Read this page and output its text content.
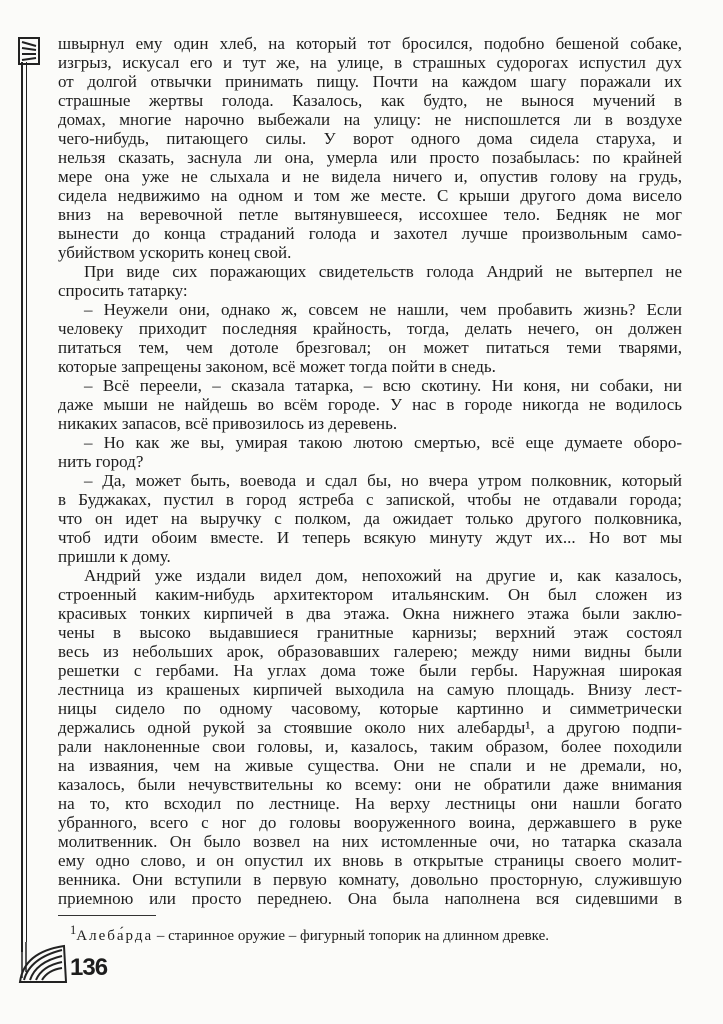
швырнул ему один хлеб, на который тот бросился, подобно бешеной собаке,
изгрыз, искусал его и тут же, на улице, в страшных судорогах испустил дух
от долгой отвычки принимать пищу. Почти на каждом шагу поражали их
страшные жертвы голода. Казалось, как будто, не вынося мучений в
домах, многие нарочно выбежали на улицу: не ниспошлется ли в воздухе
чего-нибудь, питающего силы. У ворот одного дома сидела старуха, и
нельзя сказать, заснула ли она, умерла или просто позабылась: по крайней
мере она уже не слыхала и не видела ничего и, опустив голову на грудь,
сидела недвижимо на одном и том же месте. С крыши другого дома висело
вниз на веревочной петле вытянувшееся, иссохшее тело. Бедняк не мог
вынести до конца страданий голода и захотел лучше произвольным само-
убийством ускорить конец свой.
При виде сих поражающих свидетельств голода Андрий не вытерпел не
спросить татарку:
– Неужели они, однако ж, совсем не нашли, чем пробавить жизнь? Если
человеку приходит последняя крайность, тогда, делать нечего, он должен
питаться тем, чем дотоле брезговал; он может питаться теми тварями,
которые запрещены законом, всё может тогда пойти в снедь.
– Всё переели, – сказала татарка, – всю скотину. Ни коня, ни собаки, ни
даже мыши не найдешь во всём городе. У нас в городе никогда не водилось
никаких запасов, всё привозилось из деревень.
– Но как же вы, умирая такою лютою смертью, всё еще думаете оборо-
нить город?
– Да, может быть, воевода и сдал бы, но вчера утром полковник, который
в Буджаках, пустил в город ястреба с запиской, чтобы не отдавали города;
что он идет на выручку с полком, да ожидает только другого полковника,
чтоб идти обоим вместе. И теперь всякую минуту ждут их... Но вот мы
пришли к дому.
Андрий уже издали видел дом, непохожий на другие и, как казалось,
строенный каким-нибудь архитектором итальянским. Он был сложен из
красивых тонких кирпичей в два этажа. Окна нижнего этажа были заклю-
чены в высоко выдавшиеся гранитные карнизы; верхний этаж состоял
весь из небольших арок, образовавших галерею; между ними видны были
решетки с гербами. На углах дома тоже были гербы. Наружная широкая
лестница из крашеных кирпичей выходила на самую площадь. Внизу лест-
ницы сидело по одному часовому, которые картинно и симметрически
держались одной рукой за стоявшие около них алебарды¹, а другою подпи-
рали наклоненные свои головы, и, казалось, таким образом, более походили
на изваяния, чем на живые существа. Они не спали и не дремали, но,
казалось, были нечувствительны ко всему: они не обратили даже внимания
на то, кто всходил по лестнице. На верху лестницы они нашли богато
убранного, всего с ног до головы вооруженного воина, державшего в руке
молитвенник. Он было возвел на них истомленные очи, но татарка сказала
ему одно слово, и он опустил их вновь в открытые страницы своего молит-
венника. Они вступили в первую комнату, довольно просторную, служившую
приемною или просто переднею. Она была наполнена вся сидевшими в
$^1$Алеба́рда – старинное оружие – фигурный топорик на длинном древке.
136
